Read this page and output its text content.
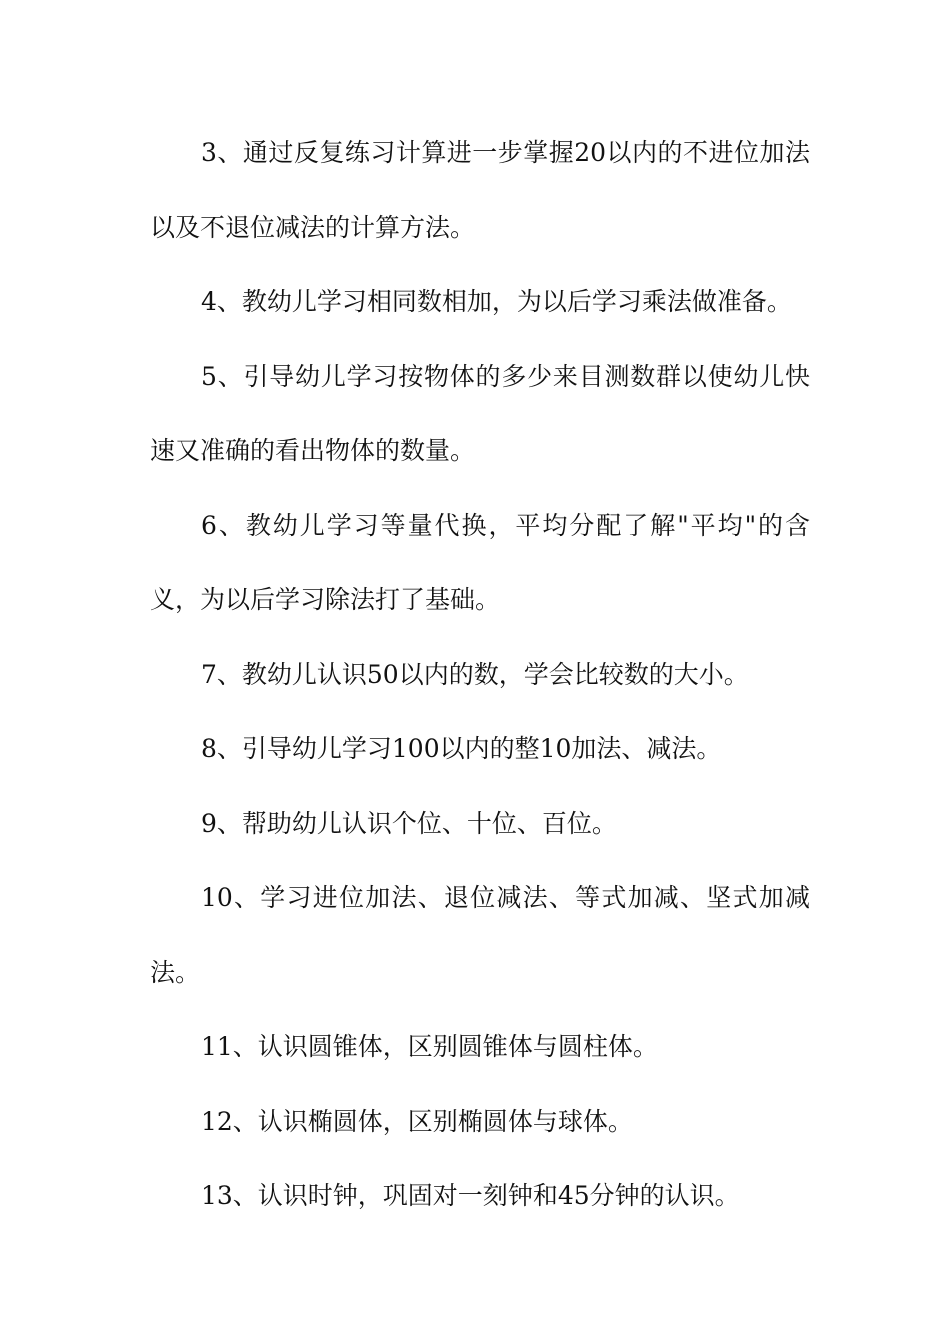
3、通过反复练习计算进一步掌握20以内的不进位加法以及不退位减法的计算方法。

4、教幼儿学习相同数相加，为以后学习乘法做准备。

5、引导幼儿学习按物体的多少来目测数群以使幼儿快速又准确的看出物体的数量。

6、教幼儿学习等量代换，平均分配了解"平均"的含义，为以后学习除法打了基础。

7、教幼儿认识50以内的数，学会比较数的大小。

8、引导幼儿学习100以内的整10加法、减法。

9、帮助幼儿认识个位、十位、百位。

10、学习进位加法、退位减法、等式加减、坚式加减法。

11、认识圆锥体，区别圆锥体与圆柱体。

12、认识椭圆体，区别椭圆体与球体。

13、认识时钟，巩固对一刻钟和45分钟的认识。
